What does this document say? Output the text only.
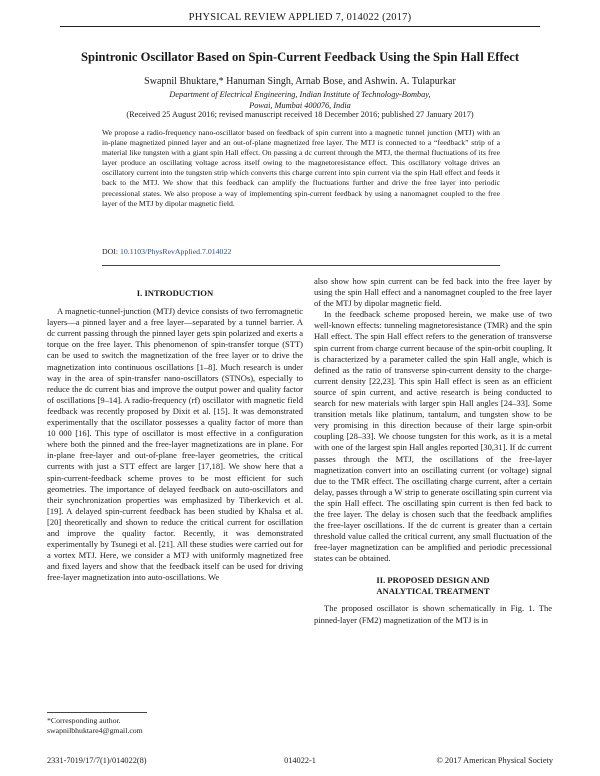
PHYSICAL REVIEW APPLIED 7, 014022 (2017)
Spintronic Oscillator Based on Spin-Current Feedback Using the Spin Hall Effect
Swapnil Bhuktare,* Hanuman Singh, Arnab Bose, and Ashwin. A. Tulapurkar
Department of Electrical Engineering, Indian Institute of Technology-Bombay,
Powai, Mumbai 400076, India
(Received 25 August 2016; revised manuscript received 18 December 2016; published 27 January 2017)
We propose a radio-frequency nano-oscillator based on feedback of spin current into a magnetic tunnel junction (MTJ) with an in-plane magnetized pinned layer and an out-of-plane magnetized free layer. The MTJ is connected to a “feedback” strip of a material like tungsten with a giant spin Hall effect. On passing a dc current through the MTJ, the thermal fluctuations of its free layer produce an oscillating voltage across itself owing to the magnetoresistance effect. This oscillatory voltage drives an oscillatory current into the tungsten strip which converts this charge current into spin current via the spin Hall effect and feeds it back to the MTJ. We show that this feedback can amplify the fluctuations further and drive the free layer into periodic precessional states. We also propose a way of implementing spin-current feedback by using a nanomagnet coupled to the free layer of the MTJ by dipolar magnetic field.
DOI: 10.1103/PhysRevApplied.7.014022
I. INTRODUCTION

A magnetic-tunnel-junction (MTJ) device consists of two ferromagnetic layers—a pinned layer and a free layer—separated by a tunnel barrier. A dc current passing through the pinned layer gets spin polarized and exerts a torque on the free layer. This phenomenon of spin-transfer torque (STT) can be used to switch the magnetization of the free layer or to drive the magnetization into continuous oscillations [1–8]. Much research is under way in the area of spin-transfer nano-oscillators (STNOs), especially to reduce the dc current bias and improve the output power and quality factor of oscillations [9–14]. A radio-frequency (rf) oscillator with magnetic field feedback was recently proposed by Dixit et al. [15]. It was demonstrated experimentally that the oscillator possesses a quality factor of more than 10 000 [16]. This type of oscillator is most effective in a configuration where both the pinned and the free-layer magnetizations are in plane. For in-plane free-layer and out-of-plane free-layer geometries, the critical currents with just a STT effect are larger [17,18]. We show here that a spin-current-feedback scheme proves to be most efficient for such geometries. The importance of delayed feedback on auto-oscillators and their synchronization properties was emphasized by Tiberkevich et al. [19]. A delayed spin-current feedback has been studied by Khalsa et al. [20] theoretically and shown to reduce the critical current for oscillation and improve the quality factor. Recently, it was demonstrated experimentally by Tsunegi et al. [21]. All these studies were carried out for a vortex MTJ. Here, we consider a MTJ with uniformly magnetized free and fixed layers and show that the feedback itself can be used for driving free-layer magnetization into auto-oscillations. We

also show how spin current can be fed back into the free layer by using the spin Hall effect and a nanomagnet coupled to the free layer of the MTJ by dipolar magnetic field.

In the feedback scheme proposed herein, we make use of two well-known effects: tunneling magnetoresistance (TMR) and the spin Hall effect. The spin Hall effect refers to the generation of transverse spin current from charge current because of the spin-orbit coupling. It is characterized by a parameter called the spin Hall angle, which is defined as the ratio of transverse spin-current density to the charge-current density [22,23]. This spin Hall effect is seen as an efficient source of spin current, and active research is being conducted to search for new materials with larger spin Hall angles [24–33]. Some transition metals like platinum, tantalum, and tungsten show to be very promising in this direction because of their large spin-orbit coupling [28–33]. We choose tungsten for this work, as it is a metal with one of the largest spin Hall angles reported [30,31]. If dc current passes through the MTJ, the oscillations of the free-layer magnetization convert into an oscillating current (or voltage) signal due to the TMR effect. The oscillating charge current, after a certain delay, passes through a W strip to generate oscillating spin current via the spin Hall effect. The oscillating spin current is then fed back to the free layer. The delay is chosen such that the feedback amplifies the free-layer oscillations. If the dc current is greater than a certain threshold value called the critical current, any small fluctuation of the free-layer magnetization can be amplified and periodic precessional states can be obtained.

II. PROPOSED DESIGN AND
ANALYTICAL TREATMENT

The proposed oscillator is shown schematically in Fig. 1. The pinned-layer (FM2) magnetization of the MTJ is in

*Corresponding author.
swapnilbhuktare4@gmail.com
2331-7019/17/7(1)/014022(8)	014022-1	© 2017 American Physical Society
